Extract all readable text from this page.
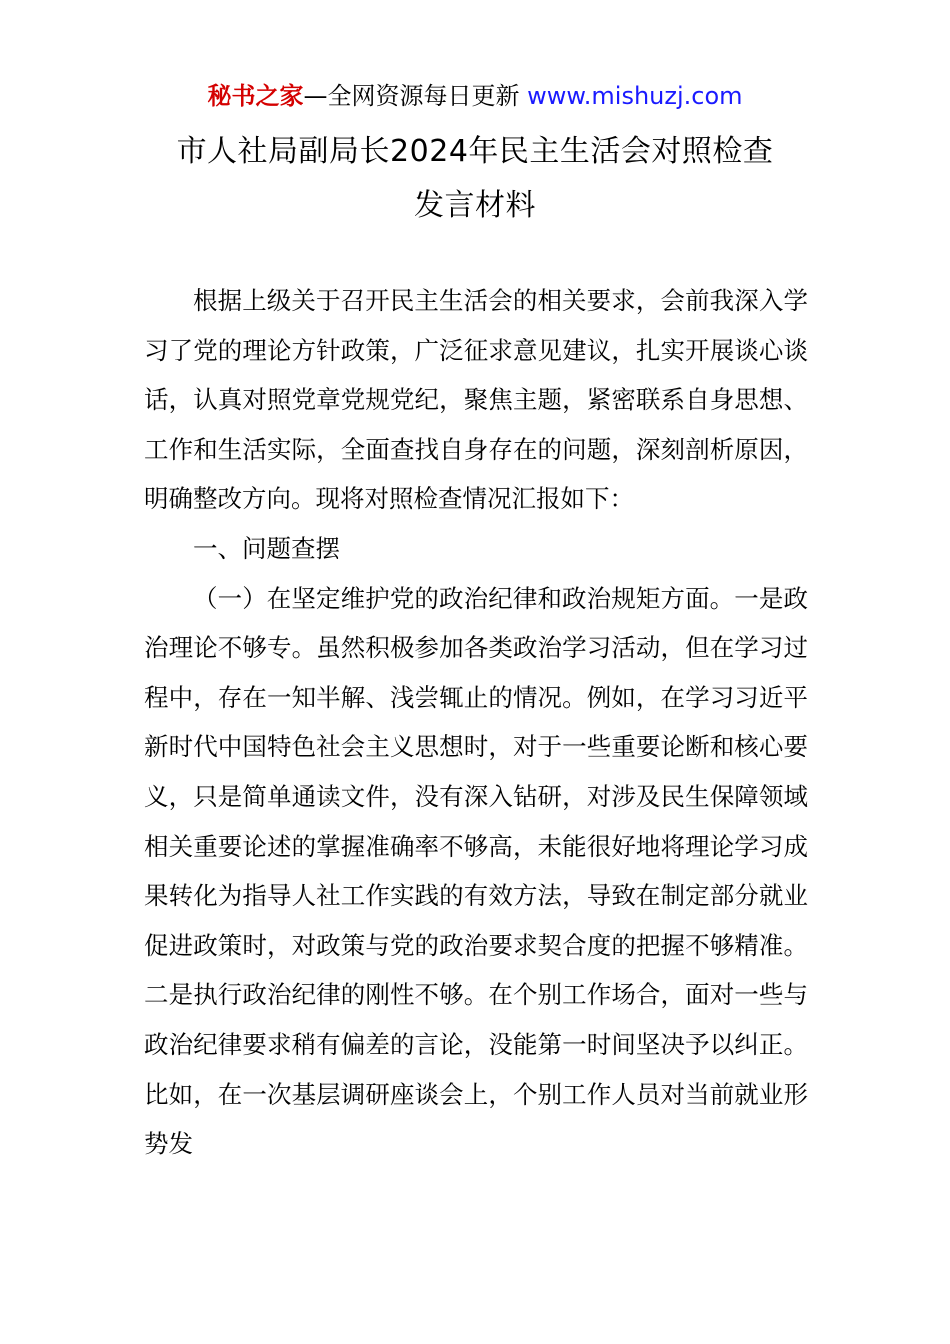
秘书之家—全网资源每日更新 www.mishuzj.com
市人社局副局长2024年民主生活会对照检查
发言材料

根据上级关于召开民主生活会的相关要求，会前我深入学习了党的理论方针政策，广泛征求意见建议，扎实开展谈心谈话，认真对照党章党规党纪，聚焦主题，紧密联系自身思想、工作和生活实际，全面查找自身存在的问题，深刻剖析原因，明确整改方向。现将对照检查情况汇报如下：

一、问题查摆

（一）在坚定维护党的政治纪律和政治规矩方面。一是政治理论不够专。虽然积极参加各类政治学习活动，但在学习过程中，存在一知半解、浅尝辄止的情况。例如，在学习习近平新时代中国特色社会主义思想时，对于一些重要论断和核心要义，只是简单通读文件，没有深入钻研，对涉及民生保障领域相关重要论述的掌握准确率不够高，未能很好地将理论学习成果转化为指导人社工作实践的有效方法，导致在制定部分就业促进政策时，对政策与党的政治要求契合度的把握不够精准。二是执行政治纪律的刚性不够。在个别工作场合，面对一些与政治纪律要求稍有偏差的言论，没能第一时间坚决予以纠正。比如，在一次基层调研座谈会上，个别工作人员对当前就业形势发
